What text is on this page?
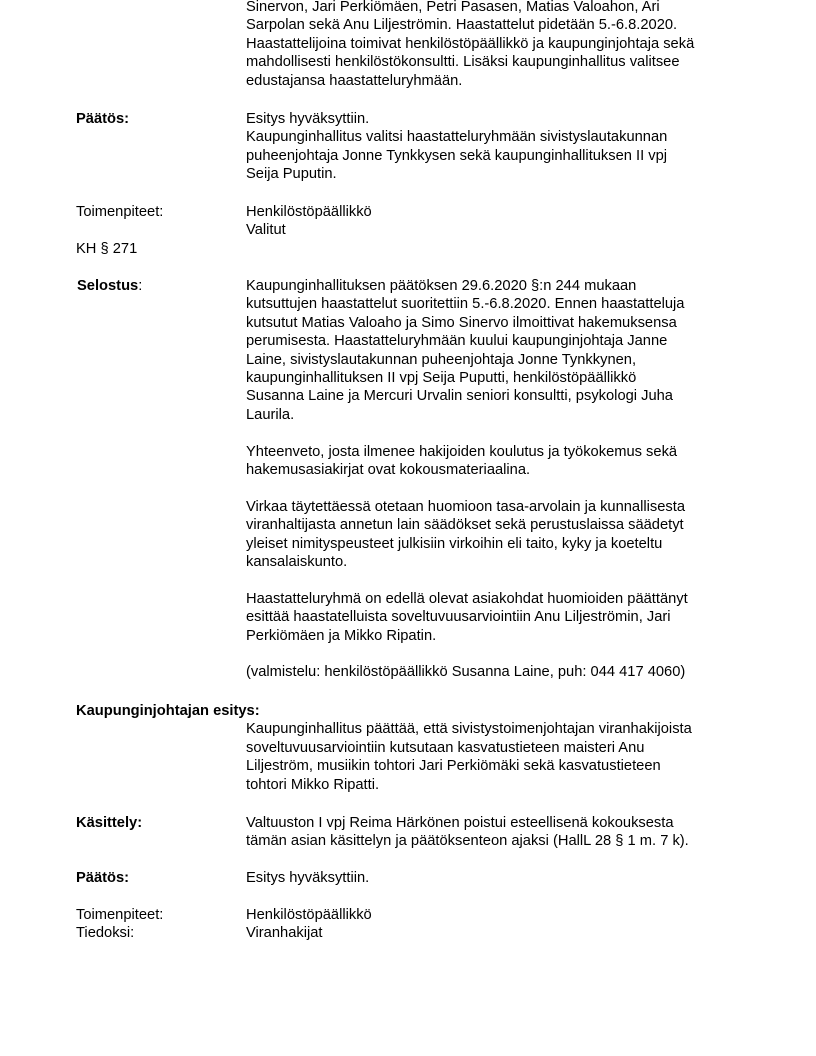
Sinervon, Jari Perkiömäen, Petri Pasasen, Matias Valoahon, Ari
Sarpolan sekä Anu Liljeströmin. Haastattelut pidetään 5.-6.8.2020.
Haastattelijoina toimivat henkilöstöpäällikkö ja kaupunginjohtaja sekä
mahdollisesti henkilöstökonsultti. Lisäksi kaupunginhallitus valitsee
edustajansa haastatteluryhmään.
Päätös:	Esitys hyväksyttiin.
Kaupunginhallitus valitsi haastatteluryhmään sivistyslautakunnan
puheenjohtaja Jonne Tynkkysen sekä kaupunginhallituksen II vpj
Seija Puputin.
Toimenpiteet:	Henkilöstöpäällikkö
Valitut
KH § 271
Selostus:	Kaupunginhallituksen päätöksen 29.6.2020 §:n 244 mukaan
kutsuttujen haastattelut suoritettiin 5.-6.8.2020. Ennen haastatteluja
kutsutut Matias Valoaho ja Simo Sinervo ilmoittivat hakemuksensa
perumisesta. Haastatteluryhmään kuului kaupunginjohtaja Janne
Laine, sivistyslautakunnan puheenjohtaja Jonne Tynkkynen,
kaupunginhallituksen II vpj Seija Puputti, henkilöstöpäällikkö
Susanna Laine ja Mercuri Urvalin seniori konsultti, psykologi Juha
Laurila.

Yhteenveto, josta ilmenee hakijoiden koulutus ja työkokemus sekä
hakemusasiakirjat ovat kokousmateriaalina.

Virkaa täytettäessä otetaan huomioon tasa-arvolain ja kunnallisesta
viranhaltijasta annetun lain säädökset sekä perustuslaissa säädetyt
yleiset nimityspeusteet julkisiin virkoihin eli taito, kyky ja koeteltu
kansalaiskunto.

Haastatteluryhmä on edellä olevat asiakohdat huomioiden päättänyt
esittää haastatelluista soveltuvuusarviointiin Anu Liljeströmin, Jari
Perkiömäen ja Mikko Ripatin.

(valmistelu: henkilöstöpäällikkö Susanna Laine, puh: 044 417 4060)

Kaupunginjohtajan esitys:
Kaupunginhallitus päättää, että sivistystoimenjohtajan viranhakijoista
soveltuvuusarviointiin kutsutaan kasvatustieteen maisteri Anu
Liljeström, musiikin tohtori Jari Perkiömäki sekä kasvatustieteen
tohtori Mikko Ripatti.
Käsittely:	Valtuuston I vpj Reima Härkönen poistui esteellisenä kokouksesta
tämän asian käsittelyn ja päätöksenteon ajaksi (HallL 28 § 1 m. 7 k).
Päätös:	Esitys hyväksyttiin.
Toimenpiteet:	Henkilöstöpäällikkö
Tiedoksi:	Viranhakijat
